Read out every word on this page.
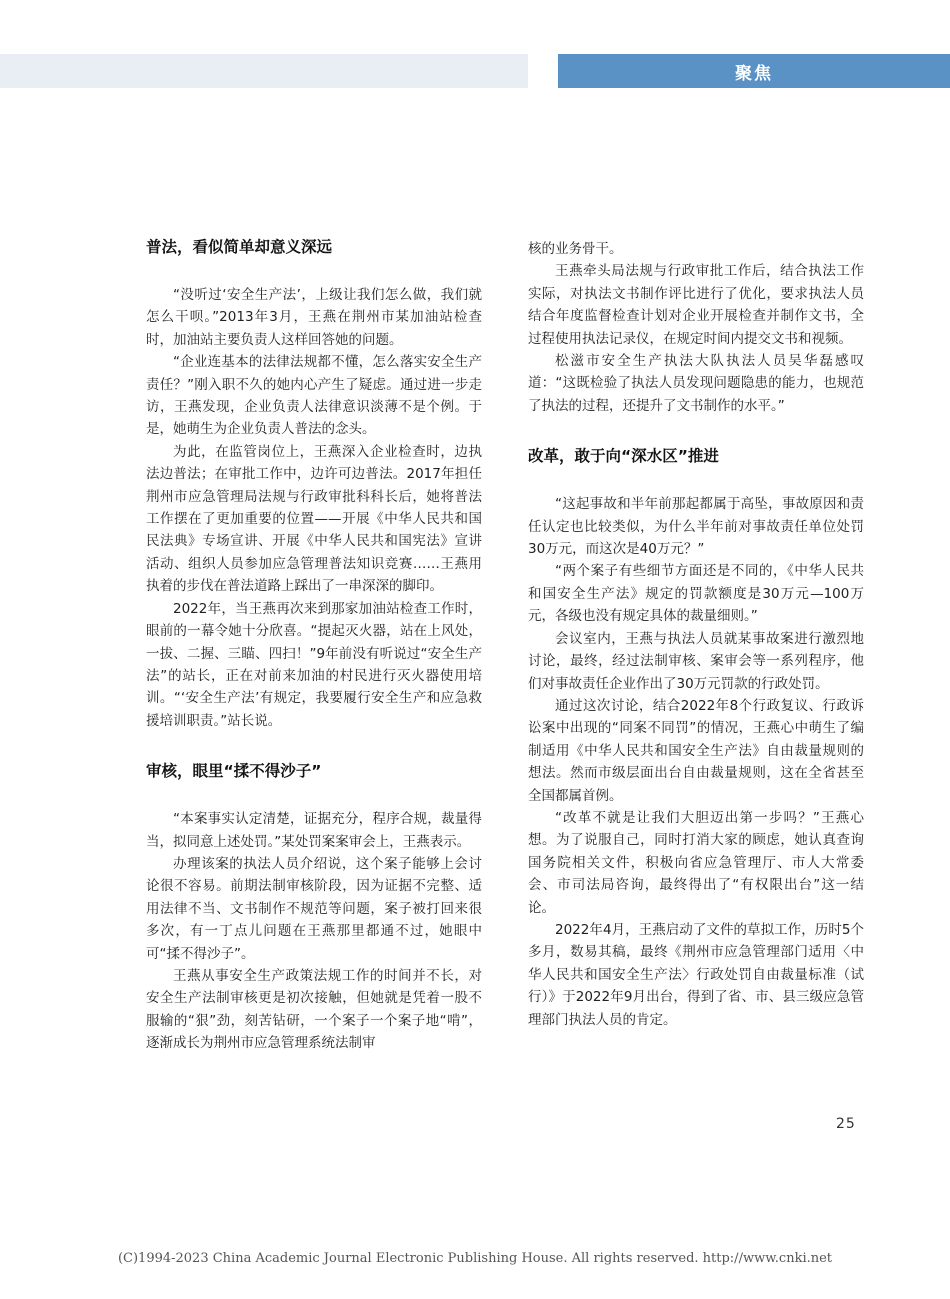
聚焦
普法，看似简单却意义深远

“没听过‘安全生产法’，上级让我们怎么做，我们就怎么干呗。”2013年3月，王燕在荆州市某加油站检查时，加油站主要负责人这样回答她的问题。

“企业连基本的法律法规都不懂，怎么落实安全生产责任？”刚入职不久的她内心产生了疑虑。通过进一步走访，王燕发现，企业负责人法律意识淡薄不是个例。于是，她萌生为企业负责人普法的念头。

为此，在监管岗位上，王燕深入企业检查时，边执法边普法；在审批工作中，边许可边普法。2017年担任荆州市应急管理局法规与行政审批科科长后，她将普法工作摆在了更加重要的位置——开展《中华人民共和国民法典》专场宣讲、开展《中华人民共和国宪法》宣讲活动、组织人员参加应急管理普法知识竞赛……王燕用执着的步伐在普法道路上踩出了一串深深的脚印。

2022年，当王燕再次来到那家加油站检查工作时，眼前的一幕令她十分欣喜。“提起灭火器，站在上风处，一拔、二握、三瞄、四扫！”9年前没有听说过“安全生产法”的站长，正在对前来加油的村民进行灭火器使用培训。“‘安全生产法’有规定，我要履行安全生产和应急救援培训职责。”站长说。

审核，眼里“揉不得沙子”

“本案事实认定清楚，证据充分，程序合规，裁量得当，拟同意上述处罚。”某处罚案案审会上，王燕表示。

办理该案的执法人员介绍说，这个案子能够上会讨论很不容易。前期法制审核阶段，因为证据不完整、适用法律不当、文书制作不规范等问题，案子被打回来很多次，有一丁点儿问题在王燕那里都通不过，她眼中可“揉不得沙子”。

王燕从事安全生产政策法规工作的时间并不长，对安全生产法制审核更是初次接触，但她就是凭着一股不服输的“狠”劲，刻苦钻研，一个案子一个案子地“啃”，逐渐成长为荆州市应急管理系统法制审

核的业务骨干。

王燕牵头局法规与行政审批工作后，结合执法工作实际，对执法文书制作评比进行了优化，要求执法人员结合年度监督检查计划对企业开展检查并制作文书，全过程使用执法记录仪，在规定时间内提交文书和视频。

松滋市安全生产执法大队执法人员吴华磊感叹道：“这既检验了执法人员发现问题隐患的能力，也规范了执法的过程，还提升了文书制作的水平。”

改革，敢于向“深水区”推进

“这起事故和半年前那起都属于高坠，事故原因和责任认定也比较类似，为什么半年前对事故责任单位处罚30万元，而这次是40万元？”

“两个案子有些细节方面还是不同的，《中华人民共和国安全生产法》规定的罚款额度是30万元—100万元，各级也没有规定具体的裁量细则。”

会议室内，王燕与执法人员就某事故案进行激烈地讨论，最终，经过法制审核、案审会等一系列程序，他们对事故责任企业作出了30万元罚款的行政处罚。

通过这次讨论，结合2022年8个行政复议、行政诉讼案中出现的“同案不同罚”的情况，王燕心中萌生了编制适用《中华人民共和国安全生产法》自由裁量规则的想法。然而市级层面出台自由裁量规则，这在全省甚至全国都属首例。

“改革不就是让我们大胆迈出第一步吗？”王燕心想。为了说服自己，同时打消大家的顾虑，她认真查询国务院相关文件，积极向省应急管理厅、市人大常委会、市司法局咨询，最终得出了“有权限出台”这一结论。

2022年4月，王燕启动了文件的草拟工作，历时5个多月，数易其稿，最终《荆州市应急管理部门适用〈中华人民共和国安全生产法〉行政处罚自由裁量标准（试行）》于2022年9月出台，得到了省、市、县三级应急管理部门执法人员的肯定。

25
(C)1994-2023 China Academic Journal Electronic Publishing House. All rights reserved. http://www.cnki.net
